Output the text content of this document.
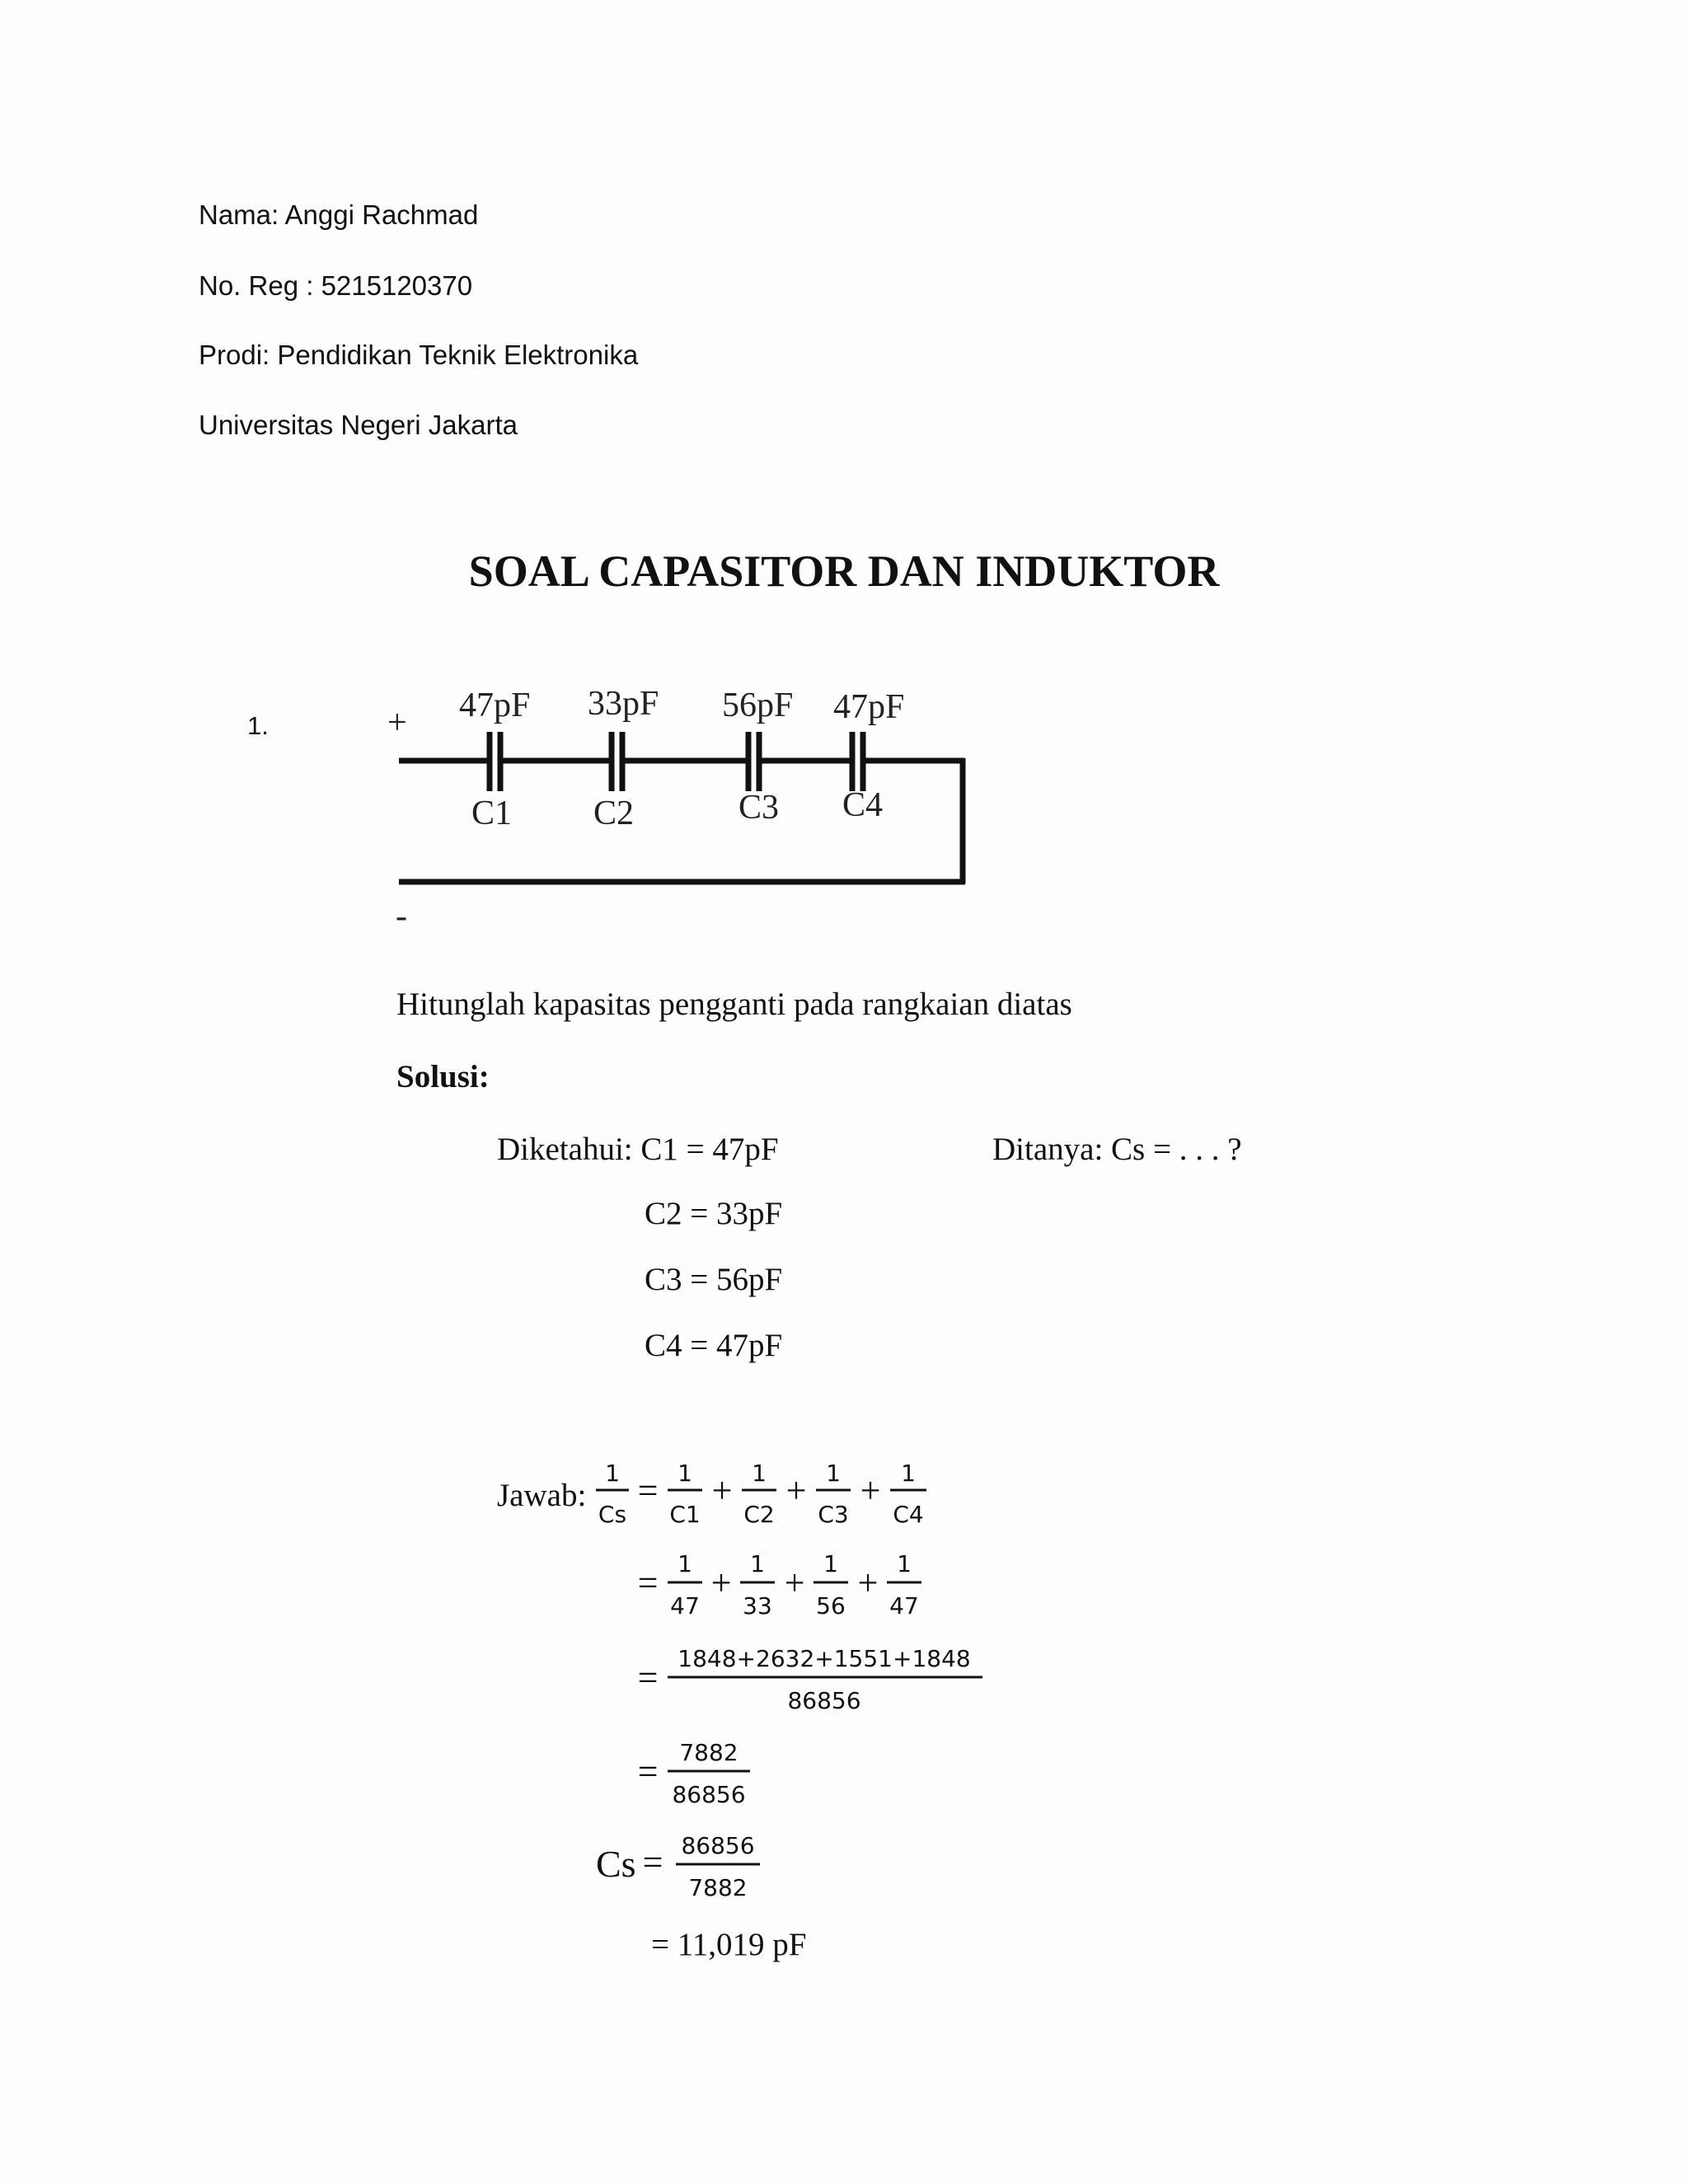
Nama: Anggi Rachmad
No. Reg : 5215120370
Prodi: Pendidikan Teknik Elektronika
Universitas Negeri Jakarta
SOAL CAPASITOR DAN INDUKTOR
1.	+
-
47pF 33pF 56pF 47pF
C1 C2	C3 C4
Hitunglah kapasitas pengganti pada rangkaian diatas
Solusi:
Diketahui: C1 = 47pF	Ditanya: Cs = . . . ?
C2 = 33pF
C3 = 56pF
C4 = 47pF
Jawab:
1
Cs
1
C1
1
C2
1
C3
1
C4
= + + +
1
47
1
33
1
56
1
47
= + + +
1848+2632+1551+1848
86856
=
7882
86856
=
Cs = 86856
7882
= 11,019 pF
